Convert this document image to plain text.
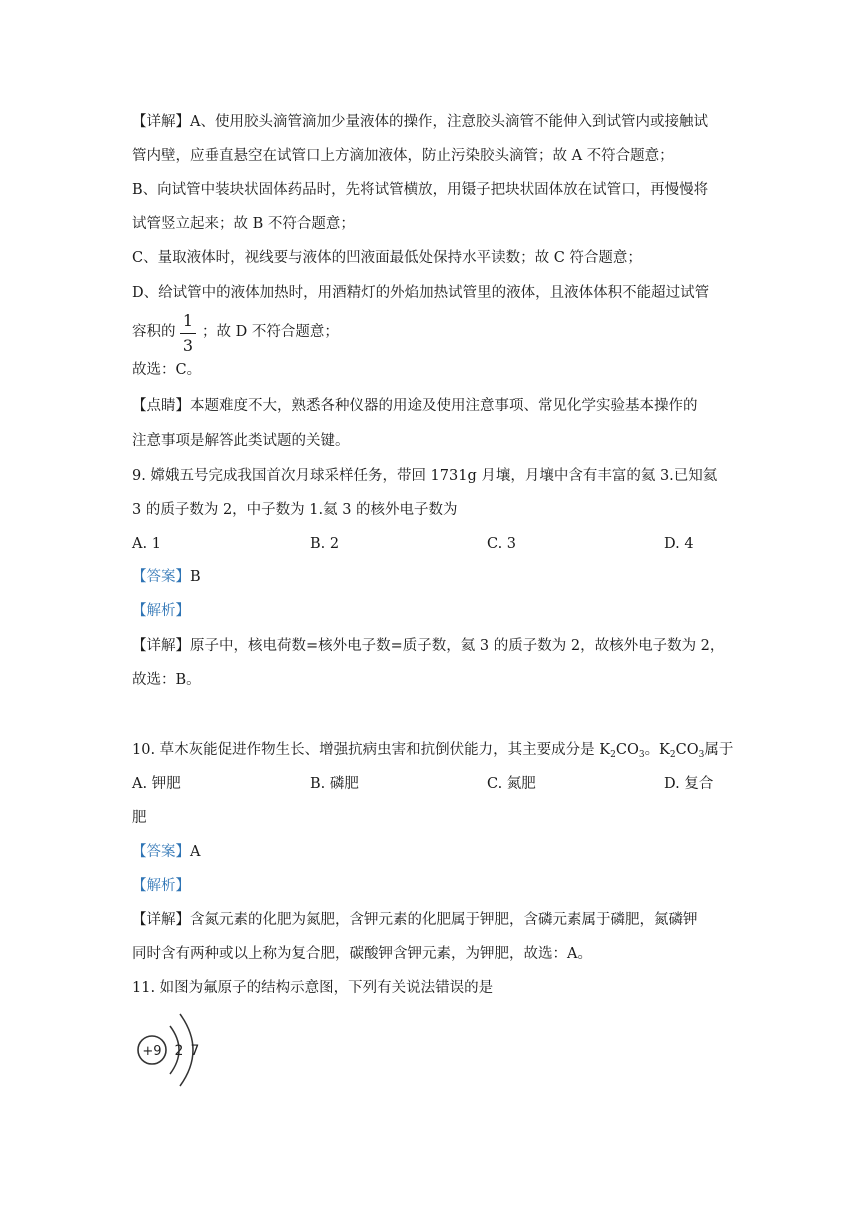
【详解】A、使用胶头滴管滴加少量液体的操作，注意胶头滴管不能伸入到试管内或接触试
管内壁，应垂直悬空在试管口上方滴加液体，防止污染胶头滴管；故 A 不符合题意；
B、向试管中装块状固体药品时，先将试管横放，用镊子把块状固体放在试管口，再慢慢将
试管竖立起来；故 B 不符合题意；
C、量取液体时，视线要与液体的凹液面最低处保持水平读数；故 C 符合题意；
D、给试管中的液体加热时，用酒精灯的外焰加热试管里的液体，且液体体积不能超过试管
容积的
1
3
；故 D 不符合题意；
故选：C。
【点睛】本题难度不大，熟悉各种仪器的用途及使用注意事项、常见化学实验基本操作的
注意事项是解答此类试题的关键。
9. 嫦娥五号完成我国首次月球采样任务，带回 1731g 月壤，月壤中含有丰富的氦 3.已知氦
3 的质子数为 2，中子数为 1.氦 3 的核外电子数为
A. 1	B. 2	C. 3	D. 4
【答案】B
【解析】
【详解】原子中，核电荷数=核外电子数=质子数，氦 3 的质子数为 2，故核外电子数为 2，
故选：B。
10. 草木灰能促进作物生长、增强抗病虫害和抗倒伏能力，其主要成分是 $K_2CO_3$。$K_2CO_3$属于
A. 钾肥	B. 磷肥	C. 氮肥	D. 复合
肥
【答案】A
【解析】
【详解】含氮元素的化肥为氮肥，含钾元素的化肥属于钾肥，含磷元素属于磷肥，氮磷钾
同时含有两种或以上称为复合肥，碳酸钾含钾元素，为钾肥，故选：A。
11. 如图为氟原子的结构示意图，下列有关说法错误的是
+9 2 7
